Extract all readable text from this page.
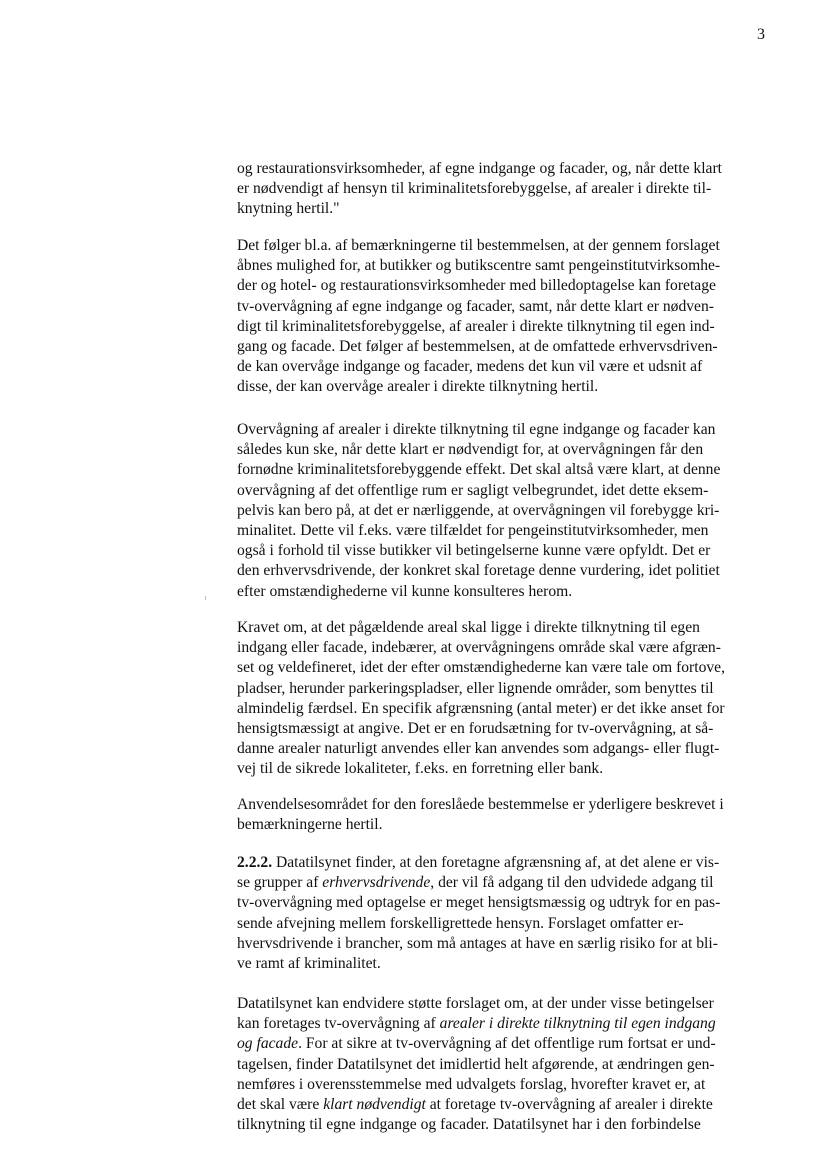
3
og restaurationsvirksomheder, af egne indgange og facader, og, når dette klart
er nødvendigt af hensyn til kriminalitetsforebyggelse, af arealer i direkte til-
knytning hertil."
Det følger bl.a. af bemærkningerne til bestemmelsen, at der gennem forslaget
åbnes mulighed for, at butikker og butikscentre samt pengeinstitutvirksomhe-
der og hotel- og restaurationsvirksomheder med billedoptagelse kan foretage
tv-overvågning af egne indgange og facader, samt, når dette klart er nødven-
digt til kriminalitetsforebyggelse, af arealer i direkte tilknytning til egen ind-
gang og facade. Det følger af bestemmelsen, at de omfattede erhvervsdriven-
de kan overvåge indgange og facader, medens det kun vil være et udsnit af
disse, der kan overvåge arealer i direkte tilknytning hertil.
Overvågning af arealer i direkte tilknytning til egne indgange og facader kan
således kun ske, når dette klart er nødvendigt for, at overvågningen får den
fornødne kriminalitetsforebyggende effekt. Det skal altså være klart, at denne
overvågning af det offentlige rum er sagligt velbegrundet, idet dette eksem-
pelvis kan bero på, at det er nærliggende, at overvågningen vil forebygge kri-
minalitet. Dette vil f.eks. være tilfældet for pengeinstitutvirksomheder, men
også i forhold til visse butikker vil betingelserne kunne være opfyldt. Det er
den erhvervsdrivende, der konkret skal foretage denne vurdering, idet politiet
efter omstændighederne vil kunne konsulteres herom.
Kravet om, at det pågældende areal skal ligge i direkte tilknytning til egen
indgang eller facade, indebærer, at overvågningens område skal være afgræn-
set og veldefineret, idet der efter omstændighederne kan være tale om fortove,
pladser, herunder parkeringspladser, eller lignende områder, som benyttes til
almindelig færdsel. En specifik afgrænsning (antal meter) er det ikke anset for
hensigtsmæssigt at angive. Det er en forudsætning for tv-overvågning, at så-
danne arealer naturligt anvendes eller kan anvendes som adgangs- eller flugt-
vej til de sikrede lokaliteter, f.eks. en forretning eller bank.
Anvendelsesområdet for den foreslåede bestemmelse er yderligere beskrevet i
bemærkningerne hertil.
2.2.2. Datatilsynet finder, at den foretagne afgrænsning af, at det alene er vis-
se grupper af erhvervsdrivende, der vil få adgang til den udvidede adgang til
tv-overvågning med optagelse er meget hensigtsmæssig og udtryk for en pas-
sende afvejning mellem forskelligrettede hensyn. Forslaget omfatter er-
hvervsdrivende i brancher, som må antages at have en særlig risiko for at bli-
ve ramt af kriminalitet.
Datatilsynet kan endvidere støtte forslaget om, at der under visse betingelser
kan foretages tv-overvågning af arealer i direkte tilknytning til egen indgang
og facade. For at sikre at tv-overvågning af det offentlige rum fortsat er und-
tagelsen, finder Datatilsynet det imidlertid helt afgørende, at ændringen gen-
nemføres i overensstemmelse med udvalgets forslag, hvorefter kravet er, at
det skal være klart nødvendigt at foretage tv-overvågning af arealer i direkte
tilknytning til egne indgange og facader. Datatilsynet har i den forbindelse
